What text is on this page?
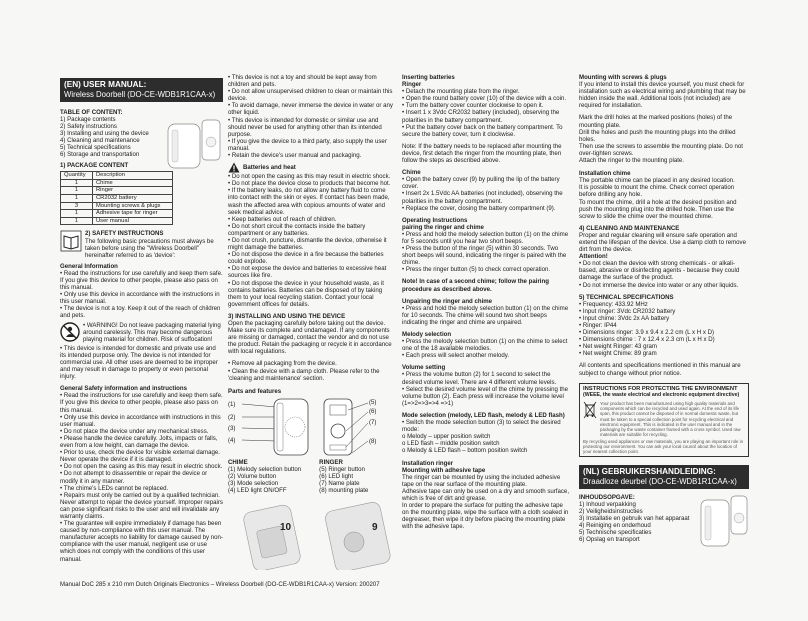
(EN) USER MANUAL:
Wireless Doorbell (DO-CE-WDB1R1CAA-x)
TABLE OF CONTENT:
1) Package contents
2) Safety instructions
3) Installing and using the device
4) Cleaning and maintenance
5) Technical specifications
6) Storage and transportation
1) PACKAGE CONTENT
Quantity	Description
1	Chime
1	Ringer
1	CR2032 battery
3	Mounting screws & plugs
1	Adhesive tape for ringer
1	User manual
2) SAFETY INSTRUCTIONS
The following basic precautions must always be taken before using the "Wireless Doorbell" hereinafter referred to as 'device':
General Information

• Read the instructions for use carefully and keep them safe. If you give this device to other people, please also pass on this manual.
• Only use this device in accordance with the instructions in this user manual.
• The device is not a toy. Keep it out of the reach of children and pets.

• WARNING! Do not leave packaging material lying around carelessly. This may become dangerous playing material for children. Risk of suffocation!

• This device is intended for domestic and private use and its intended purpose only. The device is not intended for commercial use. All other uses are deemed to be improper and may result in damage to property or even personal injury.

General Safety information and instructions

• Read the instructions for use carefully and keep them safe. If you give this device to other people, please also pass on this manual.
• Only use this device in accordance with instructions in this user manual.
• Do not place the device under any mechanical stress.
• Please handle the device carefully. Jolts, impacts or falls, even from a low height, can damage the device.
• Prior to use, check the device for visible external damage. Never operate the device if it is damaged.
• Do not open the casing as this may result in electric shock.
• Do not attempt to disassemble or repair the device or modify it in any manner.
• The chime's LEDs cannot be replaced.
• Repairs must only be carried out by a qualified technician. Never attempt to repair the device yourself. Improper repairs can pose significant risks to the user and will invalidate any warranty claims.
• The guarantee will expire immediately if damage has been caused by non-compliance with this user manual. The manufacturer accepts no liability for damage caused by non-compliance with the user manual, negligent use or use which does not comply with the conditions of this user manual.

• This device is not a toy and should be kept away from children and pets.
• Do not allow unsupervised children to clean or maintain this device.
• To avoid damage, never immerse the device in water or any other liquid.
• This device is intended for domestic or similar use and should never be used for anything other than its intended purpose.
• If you give the device to a third party, also supply the user manual.
• Retain the device's user manual and packaging.

Batteries and heat

• Do not open the casing as this may result in electric shock.
• Do not place the device close to products that become hot.
• If the battery leaks, do not allow any battery fluid to come into contact with the skin or eyes. If contact has been made, wash the affected area with copious amounts of water and seek medical advice.
• Keep batteries out of reach of children.
• Do not short circuit the contacts inside the battery compartment or any batteries.
• Do not crush, puncture, dismantle the device, otherwise it might damage the batteries.
• Do not dispose the device in a fire because the batteries could explode.
• Do not expose the device and batteries to excessive heat sources like fire.
• Do not dispose the device in your household waste, as it contains batteries. Batteries can be disposed of by taking them to your local recycling station. Contact your local government offices for details.

3) INSTALLING AND USING THE DEVICE

Open the packaging carefully before taking out the device. Make sure its complete and undamaged. If any components are missing or damaged, contact the vendor and do not use the product. Retain the packaging or recycle it in accordance with local regulations.

• Remove all packaging from the device.
• Clean the device with a damp cloth. Please refer to the 'cleaning and maintenance' section.

Parts and features
(1)
(2)
(3)
(4)
(5)
(6)
(7)
(8)
CHIME
(1) Melody selection button
(2) Volume button
(3) Mode selection
(4) LED light ON/OFF
RINGER
(5) Ringer button
(6) LED light
(7) Name plate
(8) mounting plate
10	9
Inserting batteries
Ringer

• Detach the mounting plate from the ringer.
• Open the round battery cover (10) of the device with a coin.
• Turn the battery cover counter clockwise to open it.
• Insert 1 x 3Vdc CR2032 battery (included), observing the polarities in the battery compartment.
• Put the battery cover back on the battery compartment. To secure the battery cover, turn it clockwise.

Note: If the battery needs to be replaced after mounting the device, first detach the ringer from the mounting plate, then follow the steps as described above.

Chime

• Open the battery cover (9) by pulling the lip of the battery cover.
• Insert 2x 1.5Vdc AA batteries (not included), observing the polarities in the battery compartment.
• Replace the cover, closing the battery compartment (9).

Operating Instructions
pairing the ringer and chime

• Press and hold the melody selection button (1) on the chime for 5 seconds until you hear two short beeps.
• Press the button of the ringer (5) within 30 seconds. Two short beeps will sound, indicating the ringer is paired with the chime.
• Press the ringer button (5) to check correct operation.

Note! In case of a second chime; follow the pairing procedure as described above.

Unpairing the ringer and chime

• Press and hold the melody selection button (1) on the chime for 10 seconds. The chime will sound two short beeps indicating the ringer and chime are unpaired.

Melody selection

• Press the melody selection button (1) on the chime to select one of the 18 available melodies.
• Each press will select another melody.

Volume setting

• Press the volume button (2) for 1 second to select the desired volume level. There are 4 different volume levels.
• Select the desired volume level of the chime by pressing the volume button (2). Each press will increase the volume level (1=>2=>3=>4 =>1)

Mode selection (melody, LED flash, melody & LED flash)

• Switch the mode selection button (3) to select the desired mode:
o Melody – upper position switch
o LED flash – middle position switch
o Melody & LED flash – bottom position switch

Installation ringer
Mounting with adhesive tape

The ringer can be mounted by using the included adhesive tape on the rear surface of the mounting plate.
Adhesive tape can only be used on a dry and smooth surface, which is free of dirt and grease.
In order to prepare the surface for putting the adhesive tape on the mounting plate, wipe the surface with a cloth soaked in degreaser, then wipe it dry before placing the mounting plate with the adhesive tape.

Mounting with screws & plugs

If you intend to install this device yourself, you must check for installation such as electrical wiring and plumbing that may be hidden inside the wall. Additional tools (not included) are required for installation.

Mark the drill holes at the marked positions (holes) of the mounting plate.
Drill the holes and push the mounting plugs into the drilled holes.
Then use the screws to assemble the mounting plate. Do not over-tighten screws.
Attach the ringer to the mounting plate.

Installation chime

The portable chime can be placed in any desired location.
It is possible to mount the chime. Check correct operation before drilling any hole.
To mount the chime, drill a hole at the desired position and push the mounting plug into the drilled hole. Then use the screw to slide the chime over the mounted chime.

4) CLEANING AND MAINTENANCE

Proper and regular cleaning will ensure safe operation and extend the lifespan of the device. Use a damp cloth to remove dirt from the device.

Attention!

• Do not clean the device with strong chemicals - or alkali-based, abrasive or disinfecting agents - because they could damage the surface of the product.
• Do not immerse the device into water or any other liquids.

5) TECHNICAL SPECIFICATIONS
• Frequency: 433.92 MHz
• Input ringer: 3Vdc CR2032 battery
• Input chime: 3Vdc 2x AA battery
• Ringer: IP44
• Dimensions ringer: 3.9 x 9.4 x 2.2 cm (L x H x D)
• Dimensions chime : 7 x 12.4 x 2.3 cm (L x H x D)
• Net weight Ringer: 43 gram
• Net weight Chime: 89 gram

All contents and specifications mentioned in this manual are subject to change without prior notice.

INSTRUCTIONS FOR PROTECTING THE ENVIRONMENT
(WEEE, the waste electrical and electronic equipment directive)
Your product has been manufactured using high quality materials and components which can be recycled and used again. At the end of its life span, this product cannot be disposed of in normal domestic waste, but must be taken to a special collection point for recycling electrical and electronic equipment. This is indicated in the user manual and in the packaging by the waste container framed with a cross symbol. Used raw materials are suitable for recycling.
By recycling used appliances or raw materials, you are playing an important role in protecting our environment. You can ask your local council about the location of your nearest collection point.
(NL) GEBRUIKERSHANDLEIDING:
Draadloze deurbel (DO-CE-WDB1R1CAA-x)
INHOUDSOPGAVE:
1) Inhoud verpakking
2) Veiligheidsinstructies
3) Installatie en gebruik van het apparaat
4) Reiniging en onderhoud
5) Technische specificaties
6) Opslag en transport
Manual DoC 285 x 210 mm Dutch Originals Electronics – Wireless Doorbell (DO-CE-WDB1R1CAA-x) Version: 200207
